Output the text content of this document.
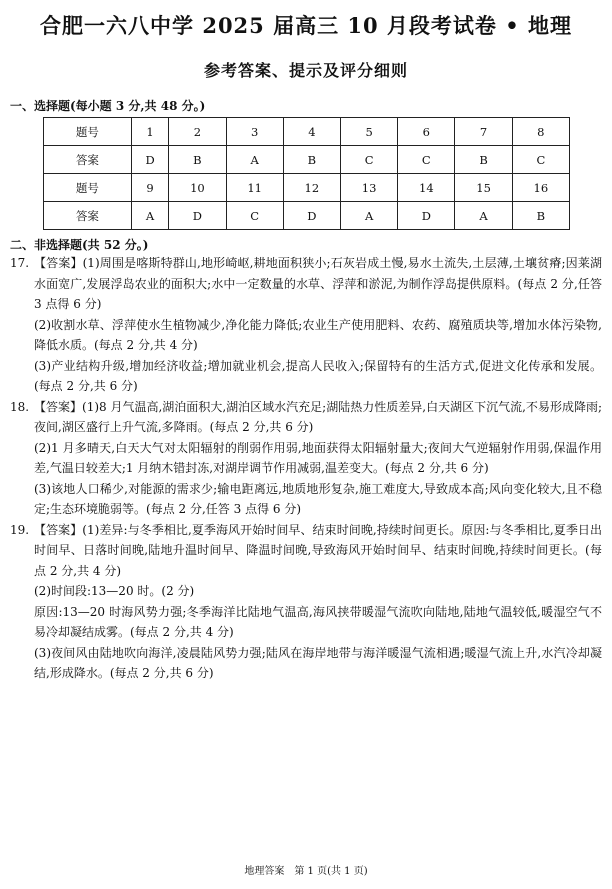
合肥一六八中学 2025 届高三 10 月段考试卷 • 地理
参考答案、提示及评分细则
一、选择题(每小题 3 分,共 48 分。)
题号	1	2	3	4	5	6	7	8
答案	D	B	A	B	C	C	B	C
题号	9	10	11	12	13	14	15	16
答案	A	D	C	D	A	D	A	B
二、非选择题(共 52 分。)
17. 【答案】(1)周围是喀斯特群山,地形崎岖,耕地面积狭小;石灰岩成土慢,易水土流失,土层薄,土壤贫瘠;因莱湖水面宽广,发展浮岛农业的面积大;水中一定数量的水草、浮萍和淤泥,为制作浮岛提供原料。(每点 2 分,任答 3 点得 6 分)

(2)收割水草、浮萍使水生植物减少,净化能力降低;农业生产使用肥料、农药、腐殖质块等,增加水体污染物,降低水质。(每点 2 分,共 4 分)

(3)产业结构升级,增加经济收益;增加就业机会,提高人民收入;保留特有的生活方式,促进文化传承和发展。(每点 2 分,共 6 分)

18. 【答案】(1)8 月气温高,湖泊面积大,湖泊区域水汽充足;湖陆热力性质差异,白天湖区下沉气流,不易形成降雨;夜间,湖区盛行上升气流,多降雨。(每点 2 分,共 6 分)

(2)1 月多晴天,白天大气对太阳辐射的削弱作用弱,地面获得太阳辐射量大;夜间大气逆辐射作用弱,保温作用差,气温日较差大;1 月纳木错封冻,对湖岸调节作用减弱,温差变大。(每点 2 分,共 6 分)

(3)该地人口稀少,对能源的需求少;输电距离远,地质地形复杂,施工难度大,导致成本高;风向变化较大,且不稳定;生态环境脆弱等。(每点 2 分,任答 3 点得 6 分)

19. 【答案】(1)差异:与冬季相比,夏季海风开始时间早、结束时间晚,持续时间更长。原因:与冬季相比,夏季日出时间早、日落时间晚,陆地升温时间早、降温时间晚,导致海风开始时间早、结束时间晚,持续时间更长。(每点 2 分,共 4 分)

(2)时间段:13—20 时。(2 分)

原因:13—20 时海风势力强;冬季海洋比陆地气温高,海风挟带暖湿气流吹向陆地,陆地气温较低,暖湿空气不易冷却凝结成雾。(每点 2 分,共 4 分)

(3)夜间风由陆地吹向海洋,凌晨陆风势力强;陆风在海岸地带与海洋暖湿气流相遇;暖湿气流上升,水汽冷却凝结,形成降水。(每点 2 分,共 6 分)

地理答案　第 1 页(共 1 页)
